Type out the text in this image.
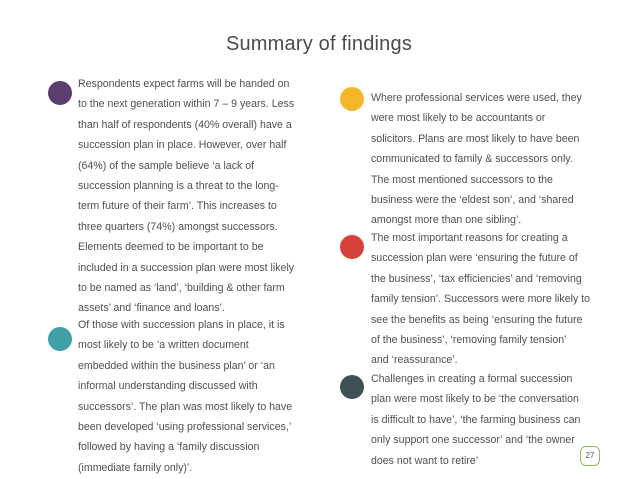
Summary of findings

Respondents expect farms will be handed on

to the next generation within 7 – 9 years. Less

than half of respondents (40% overall) have a

succession plan in place. However, over half

(64%) of the sample believe ‘a lack of

succession planning is a threat to the long-

term future of their farm’. This increases to

three quarters (74%) amongst successors.

Elements deemed to be important to be

included in a succession plan were most likely

to be named as ‘land’, ‘building & other farm

assets’ and ‘finance and loans’.

Of those with succession plans in place, it is

most likely to be ‘a written document

embedded within the business plan’ or ‘an

informal understanding discussed with

successors’. The plan was most likely to have

been developed ‘using professional services,’

followed by having a ‘family discussion

(immediate family only)’.

Where professional services were used, they

were most likely to be accountants or

solicitors. Plans are most likely to have been

communicated to family & successors only.

The most mentioned successors to the

business were the ‘eldest son’, and ‘shared

amongst more than one sibling’.

The most important reasons for creating a

succession plan were ‘ensuring the future of

the business’, ‘tax efficiencies’ and ‘removing

family tension’. Successors were more likely to

see the benefits as being ‘ensuring the future

of the business’, ‘removing family tension’

and ‘reassurance’.

Challenges in creating a formal succession

plan were most likely to be ‘the conversation

is difficult to have’, ‘the farming business can

only support one successor’ and ‘the owner

does not want to retire’	27
